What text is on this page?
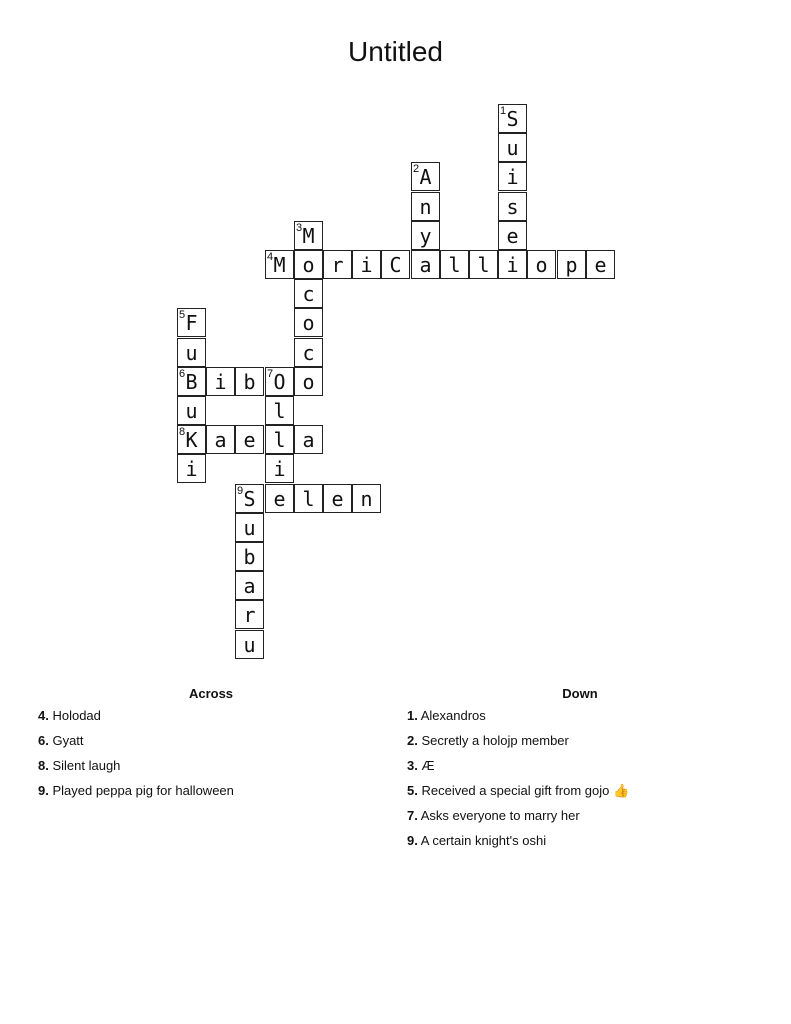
Untitled
1 S
u
2 A	i
n	s
3 M	y	e
4 M o r i C a l l i o p e
c
5 F	o
u	c
6 B i b	7 O o
u	l
8 K a e l a
i	i
9 S e l e n
u
b
a
r
u
Across
4. Holodad
6. Gyatt
8. Silent laugh
9. Played peppa pig for halloween
Down
1. Alexandros
2. Secretly a holojp member
3. Æ
5. Received a special gift from gojo 👍
7. Asks everyone to marry her
9. A certain knight's oshi
